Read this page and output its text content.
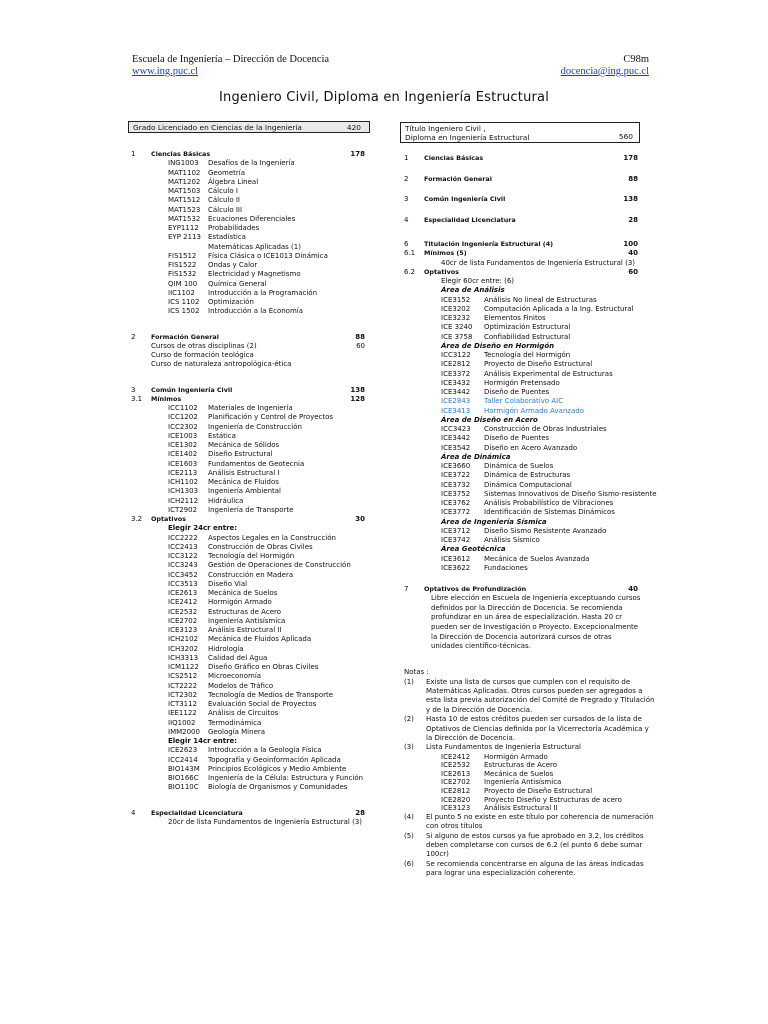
Escuela de Ingeniería – Dirección de Docencia
www.ing.puc.cl
C98m
docencia@ing.puc.cl
Ingeniero Civil, Diploma en Ingeniería Estructural
Grado Licenciado en Ciencias de la Ingeniería	420	Título Ingeniero Civil ,
Diploma en Ingeniería Estructural	560
1 Ciencias Básicas	178
ING1003 Desafíos de la Ingeniería
MAT1102 Geometría
MAT1202 Álgebra Lineal
MAT1503 Cálculo I
MAT1512 Cálculo II
MAT1523 Cálculo III
MAT1532 Ecuaciones Diferenciales
EYP1112 Probabilidades
EYP 2113 Estadística
Matemáticas Aplicadas (1)
FIS1512 Física Clásica o ICE1013 Dinámica
FIS1522 Ondas y Calor
FIS1532 Electricidad y Magnetismo
QIM 100 Química General
IIC1102 Introducción a la Programación
ICS 1102 Optimización
ICS 1502 Introducción a la Economía
2 Formación General	88
Cursos de otras disciplinas (2)	60
Curso de formación teológica
Curso de naturaleza antropológica-ética
3 Común Ingeniería Civil	138
3.1 Mínimos	128
ICC1102 Materiales de Ingeniería
ICC1202 Planificación y Control de Proyectos
ICC2302 Ingeniería de Construcción
ICE1003 Estática
ICE1302 Mecánica de Sólidos
ICE1402 Diseño Estructural
ICE1603 Fundamentos de Geotecnia
ICE2113 Análisis Estructural I
ICH1102 Mecánica de Fluidos
ICH1303 Ingeniería Ambiental
ICH2112 Hidráulica
ICT2902 Ingeniería de Transporte
3.2 Optativos	30
Elegir 24cr entre:
ICC2222 Aspectos Legales en la Construcción
ICC2413 Construcción de Obras Civiles
ICC3122 Tecnología del Hormigón
ICC3243 Gestión de Operaciones de Construcción
ICC3452 Construcción en Madera
ICC3513 Diseño Vial
ICE2613 Mecánica de Suelos
ICE2412 Hormigón Armado
ICE2532 Estructuras de Acero
ICE2702 Ingeniería Antisísmica
ICE3123 Análisis Estructural II
ICH2102 Mecánica de Fluidos Aplicada
ICH3202 Hidrología
ICH3313 Calidad del Agua
ICM1122 Diseño Gráfico en Obras Civiles
ICS2512 Microeconomía
ICT2222 Modelos de Tráfico
ICT2302 Tecnología de Medios de Transporte
ICT3112 Evaluación Social de Proyectos
IEE1122 Análisis de Circuitos
IIQ1002 Termodinámica
IMM2000 Geología Minera
Elegir 14cr entre:
ICE2623 Introducción a la Geología Física
ICC2414 Topografía y Geoinformación Aplicada
BIO143M Principios Ecológicos y Medio Ambiente
BIO166C Ingeniería de la Célula: Estructura y Función
BIO110C Biología de Organismos y Comunidades
4 Especialidad Licenciatura	28
20cr de lista Fundamentos de Ingeniería Estructural (3)
1 Ciencias Básicas	178
2 Formación General	88
3 Común Ingeniería Civil	138
4 Especialidad Licenciatura	28
6 Titulación Ingeniería Estructural (4)	100
6.1 Mínimos (5)	40
40cr de lista Fundamentos de Ingeniería Estructural (3)
6.2 Optativos	60
Elegir 60cr entre: (6)
Área de Análisis
ICE3152 Análisis No lineal de Estructuras
ICE3202 Computación Aplicada a la Ing. Estructural
ICE3232 Elementos Finitos
ICE 3240 Optimización Estructural
ICE 3758 Confiabilidad Estructural
Área de Diseño en Hormigón
ICC3122 Tecnología del Hormigón
ICE2812 Proyecto de Diseño Estructural
ICE3372 Análisis Experimental de Estructuras
ICE3432 Hormigón Pretensado
ICE3442 Diseño de Puentes
ICE2843 Taller Colaborativo AIC
ICE3413 Hormigón Armado Avanzado
Área de Diseño en Acero
ICC3423 Construcción de Obras Industriales
ICE3442 Diseño de Puentes
ICE3542 Diseño en Acero Avanzado
Área de Dinámica
ICE3660 Dinámica de Suelos
ICE3722 Dinámica de Estructuras
ICE3732 Dinámica Computacional
ICE3752 Sistemas Innovativos de Diseño Sismo-resistente
ICE3762 Análisis Probabilístico de Vibraciones
ICE3772 Identificación de Sistemas Dinámicos
Área de Ingeniería Sísmica
ICE3712 Diseño Sismo Resistente Avanzado
ICE3742 Análisis Sísmico
Área Geotécnica
ICE3612 Mecánica de Suelos Avanzada
ICE3622 Fundaciones
7 Optativos de Profundización	40
Libre elección en Escuela de Ingeniería exceptuando cursos definidos por la Dirección de Docencia. Se recomienda profundizar en un área de especialización. Hasta 20 cr pueden ser de Investigación o Proyecto. Excepcionalmente la Dirección de Docencia autorizará cursos de otras unidades científico-técnicas.
Notas :
(1) Existe una lista de cursos que cumplen con el requisito de Matemáticas Aplicadas. Otros cursos pueden ser agregados a esta lista previa autorización del Comité de Pregrado y Titulación y de la Dirección de Docencia.
(2) Hasta 10 de estos créditos pueden ser cursados de la lista de Optativos de Ciencias definida por la Vicerrectoría Académica y la Dirección de Docencia.
(3) Lista Fundamentos de Ingeniería Estructural
ICE2412 Hormigón Armado
ICE2532 Estructuras de Acero
ICE2613 Mecánica de Suelos
ICE2702 Ingeniería Antisísmica
ICE2812 Proyecto de Diseño Estructural
ICE2820 Proyecto Diseño y Estructuras de acero
ICE3123 Análisis Estructural II
(4) El punto 5 no existe en este título por coherencia de numeración con otros títulos
(5) Si alguno de estos cursos ya fue aprobado en 3.2, los créditos deben completarse con cursos de 6.2 (el punto 6 debe sumar 100cr)
(6) Se recomienda concentrarse en alguna de las áreas indicadas para lograr una especialización coherente.
